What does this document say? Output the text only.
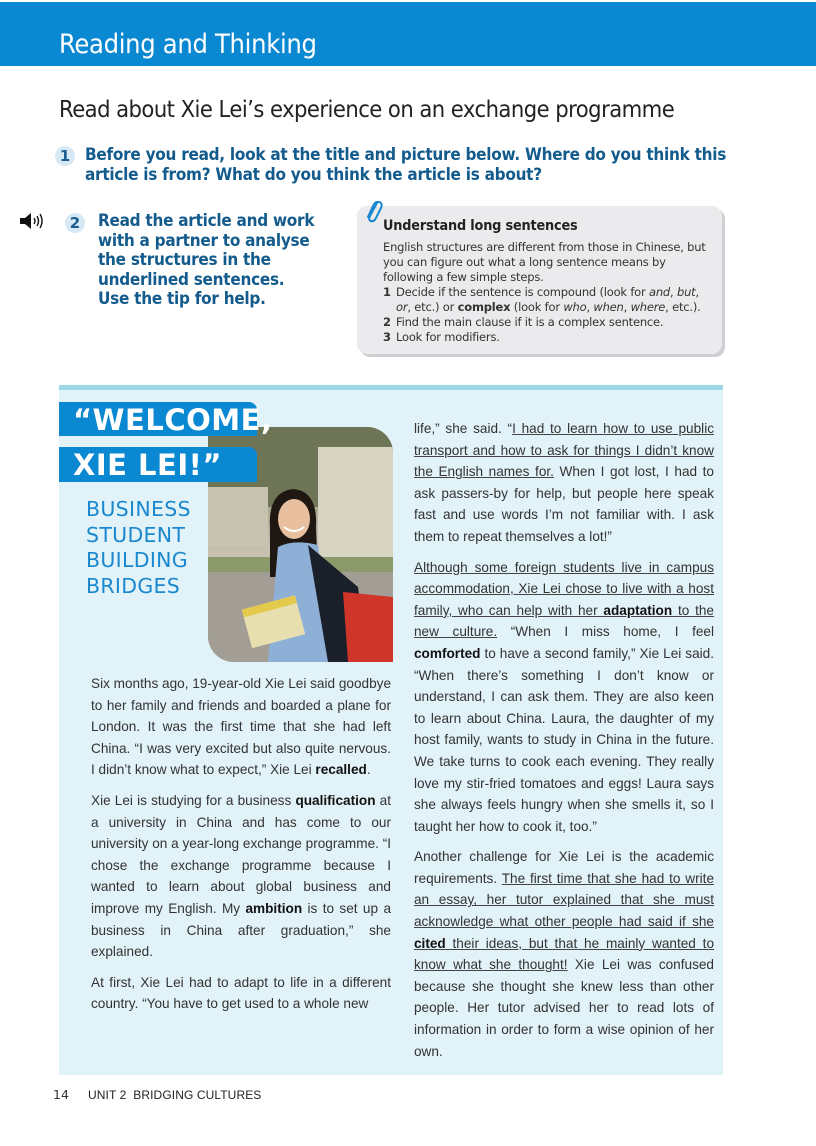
Reading and Thinking
Read about Xie Lei’s experience on an exchange programme
1 Before you read, look at the title and picture below. Where do you think this
article is from? What do you think the article is about?
2 Read the article and work
with a partner to analyse
the structures in the
underlined sentences.
Use the tip for help.
Understand long sentences
English structures are different from those in Chinese, but you can figure out what a long sentence means by following a few simple steps.
1 Decide if the sentence is compound (look for and, but, or, etc.) or complex (look for who, when, where, etc.).
2 Find the main clause if it is a complex sentence.
3 Look for modifiers.
“WELCOME,
XIE LEI!”
BUSINESS
STUDENT
BUILDING
BRIDGES

Six months ago, 19-year-old Xie Lei said goodbye to her family and friends and boarded a plane for London. It was the first time that she had left China. “I was very excited but also quite nervous. I didn’t know what to expect,” Xie Lei recalled.

Xie Lei is studying for a business qualification at a university in China and has come to our university on a year-long exchange programme. “I chose the exchange programme because I wanted to learn about global business and improve my English. My ambition is to set up a business in China after graduation,” she explained.

At first, Xie Lei had to adapt to life in a different country. “You have to get used to a whole new

life,” she said. “I had to learn how to use public transport and how to ask for things I didn’t know the English names for. When I got lost, I had to ask passers-by for help, but people here speak fast and use words I’m not familiar with. I ask them to repeat themselves a lot!”

Although some foreign students live in campus accommodation, Xie Lei chose to live with a host family, who can help with her adaptation to the new culture. “When I miss home, I feel comforted to have a second family,” Xie Lei said. “When there’s something I don’t know or understand, I can ask them. They are also keen to learn about China. Laura, the daughter of my host family, wants to study in China in the future. We take turns to cook each evening. They really love my stir-fried tomatoes and eggs! Laura says she always feels hungry when she smells it, so I taught her how to cook it, too.”

Another challenge for Xie Lei is the academic requirements. The first time that she had to write an essay, her tutor explained that she must acknowledge what other people had said if she cited their ideas, but that he mainly wanted to know what she thought! Xie Lei was confused because she thought she knew less than other people. Her tutor advised her to read lots of information in order to form a wise opinion of her own.

14 UNIT 2  BRIDGING CULTURES
